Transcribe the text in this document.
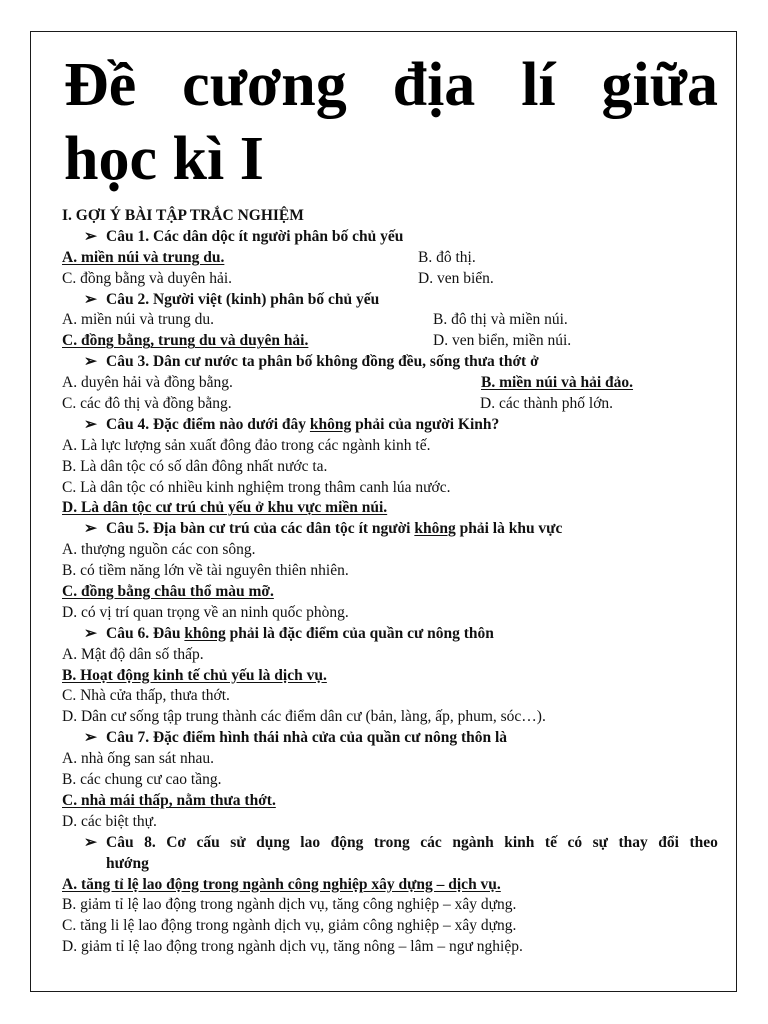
Đề cương địa lí giữa
học kì I
I. GỢI Ý BÀI TẬP TRẮC NGHIỆM
➢ Câu 1. Các dân dộc ít người phân bố chủ yếu
A. miền núi và trung du.	B. đô thị.
C. đồng bằng và duyên hải.	D. ven biển.
➢ Câu 2. Người việt (kinh) phân bố chủ yếu
A. miền núi và trung du.	B. đô thị và miền núi.
C. đồng bằng, trung du và duyên hải.	D. ven biển, miền núi.
➢ Câu 3. Dân cư nước ta phân bố không đồng đều, sống thưa thớt ở
A. duyên hải và đồng bằng.	B. miền núi và hải đảo.
C. các đô thị và đồng bằng.	D. các thành phố lớn.
➢ Câu 4. Đặc điểm nào dưới đây không phải của người Kinh?
A. Là lực lượng sản xuất đông đảo trong các ngành kinh tế.
B. Là dân tộc có số dân đông nhất nước ta.
C. Là dân tộc có nhiều kinh nghiệm trong thâm canh lúa nước.
D. Là dân tộc cư trú chủ yếu ở khu vực miền núi.
➢ Câu 5. Địa bàn cư trú của các dân tộc ít người không phải là khu vực
A. thượng nguồn các con sông.
B. có tiềm năng lớn về tài nguyên thiên nhiên.
C. đồng bằng châu thổ màu mỡ.
D. có vị trí quan trọng về an ninh quốc phòng.
➢ Câu 6. Đâu không phải là đặc điểm của quần cư nông thôn
A. Mật độ dân số thấp.
B. Hoạt động kinh tế chủ yếu là dịch vụ.
C. Nhà cửa thấp, thưa thớt.
D. Dân cư sống tập trung thành các điểm dân cư (bản, làng, ấp, phum, sóc…).
➢ Câu 7. Đặc điểm hình thái nhà cửa của quần cư nông thôn là
A. nhà ống san sát nhau.
B. các chung cư cao tầng.
C. nhà mái thấp, nằm thưa thớt.
D. các biệt thự.
➢ Câu 8. Cơ cấu sử dụng lao động trong các ngành kinh tế có sự thay đổi theo
hướng
A. tăng tỉ lệ lao động trong ngành công nghiệp xây dựng – dịch vụ.
B. giảm tỉ lệ lao động trong ngành dịch vụ, tăng công nghiệp – xây dựng.
C. tăng li lệ lao động trong ngành dịch vụ, giảm công nghiệp – xây dựng.
D. giảm tỉ lệ lao động trong ngành dịch vụ, tăng nông – lâm – ngư nghiệp.
